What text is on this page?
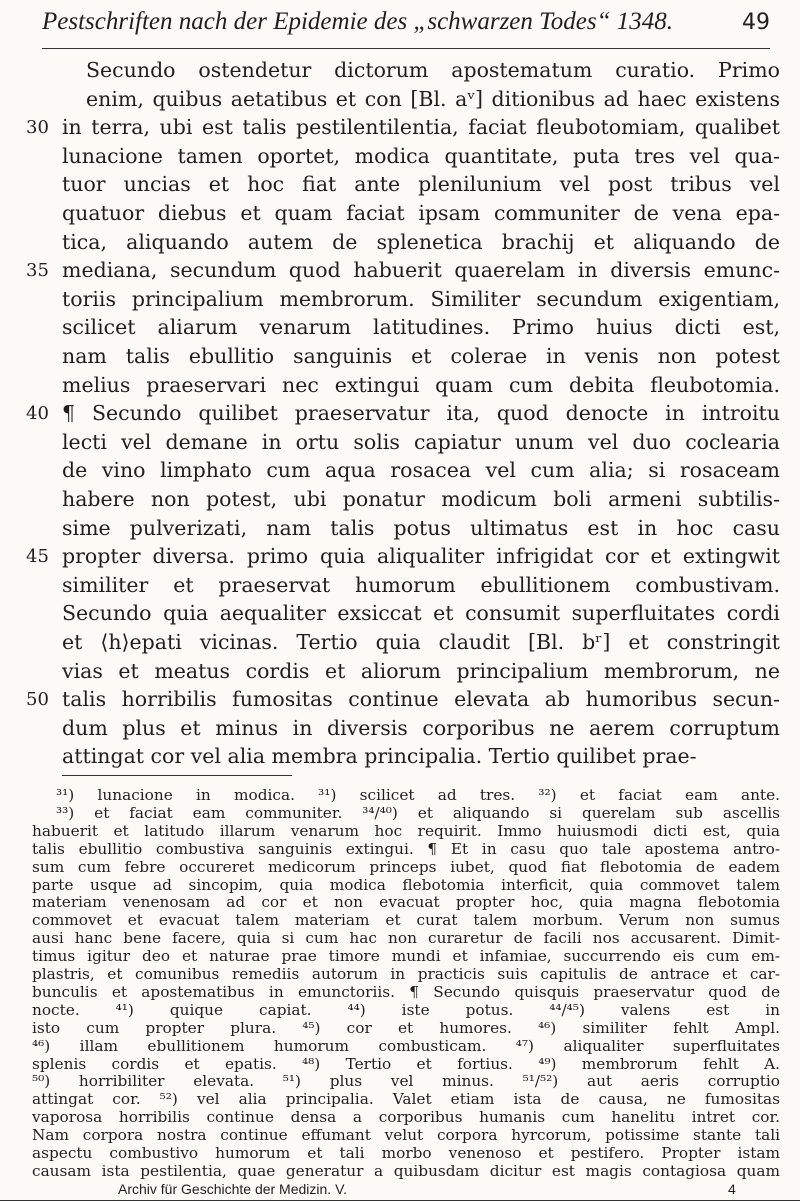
Pestschriften nach der Epidemie des „schwarzen Todes“ 1348.	49
Secundo ostendetur dictorum apostematum curatio. Primo
enim, quibus aetatibus et con [Bl. aᵛ] ditionibus ad haec existens
30 in terra, ubi est talis pestilentilentia, faciat fleubotomiam, qualibet
lunacione tamen oportet, modica quantitate, puta tres vel qua-
tuor uncias et hoc fiat ante plenilunium vel post tribus vel
quatuor diebus et quam faciat ipsam communiter de vena epa-
tica, aliquando autem de splenetica brachij et aliquando de
35 mediana, secundum quod habuerit quaerelam in diversis emunc-
toriis principalium membrorum. Similiter secundum exigentiam,
scilicet aliarum venarum latitudines. Primo huius dicti est,
nam talis ebullitio sanguinis et colerae in venis non potest
melius praeservari nec extingui quam cum debita fleubotomia.
40 ¶ Secundo quilibet praeservatur ita, quod denocte in introitu
lecti vel demane in ortu solis capiatur unum vel duo coclearia
de vino limphato cum aqua rosacea vel cum alia; si rosaceam
habere non potest, ubi ponatur modicum boli armeni subtilis-
sime pulverizati, nam talis potus ultimatus est in hoc casu
45 propter diversa. primo quia aliqualiter infrigidat cor et extingwit
similiter et praeservat humorum ebullitionem combustivam.
Secundo quia aequaliter exsiccat et consumit superfluitates cordi
et ⟨h⟩epati vicinas. Tertio quia claudit [Bl. bʳ] et constringit
vias et meatus cordis et aliorum principalium membrorum, ne
50 talis horribilis fumositas continue elevata ab humoribus secun-
dum plus et minus in diversis corporibus ne aerem corruptum
attingat cor vel alia membra principalia. Tertio quilibet prae-
³¹) lunacione in modica. ³¹) scilicet ad tres. ³²) et faciat eam ante.
³³) et faciat eam communiter. ³⁴/⁴⁰) et aliquando si querelam sub ascellis
habuerit et latitudo illarum venarum hoc requirit. Immo huiusmodi dicti est, quia
talis ebullitio combustiva sanguinis extingui. ¶ Et in casu quo tale apostema antro-
sum cum febre occureret medicorum princeps iubet, quod fiat flebotomia de eadem
parte usque ad sincopim, quia modica flebotomia interficit, quia commovet talem
materiam venenosam ad cor et non evacuat propter hoc, quia magna flebotomia
commovet et evacuat talem materiam et curat talem morbum. Verum non sumus
ausi hanc bene facere, quia si cum hac non curaretur de facili nos accusarent. Dimit-
timus igitur deo et naturae prae timore mundi et infamiae, succurrendo eis cum em-
plastris, et comunibus remediis autorum in practicis suis capitulis de antrace et car-
bunculis et apostematibus in emunctoriis. ¶ Secundo quisquis praeservatur quod de
nocte. ⁴¹) quique capiat. ⁴⁴) iste potus. ⁴⁴/⁴⁵) valens est in
isto cum propter plura. ⁴⁵) cor et humores. ⁴⁶) similiter fehlt Ampl.
⁴⁶) illam ebullitionem humorum combusticam. ⁴⁷) aliqualiter superfluitates
splenis cordis et epatis. ⁴⁸) Tertio et fortius. ⁴⁹) membrorum fehlt A.
⁵⁰) horribiliter elevata. ⁵¹) plus vel minus. ⁵¹/⁵²) aut aeris corruptio
attingat cor. ⁵²) vel alia principalia. Valet etiam ista de causa, ne fumositas
vaporosa horribilis continue densa a corporibus humanis cum hanelitu intret cor.
Nam corpora nostra continue effumant velut corpora hyrcorum, potissime stante tali
aspectu combustivo humorum et tali morbo venenoso et pestifero. Propter istam
causam ista pestilentia, quae generatur a quibusdam dicitur est magis contagiosa quam
Archiv für Geschichte der Medizin. V.	4
